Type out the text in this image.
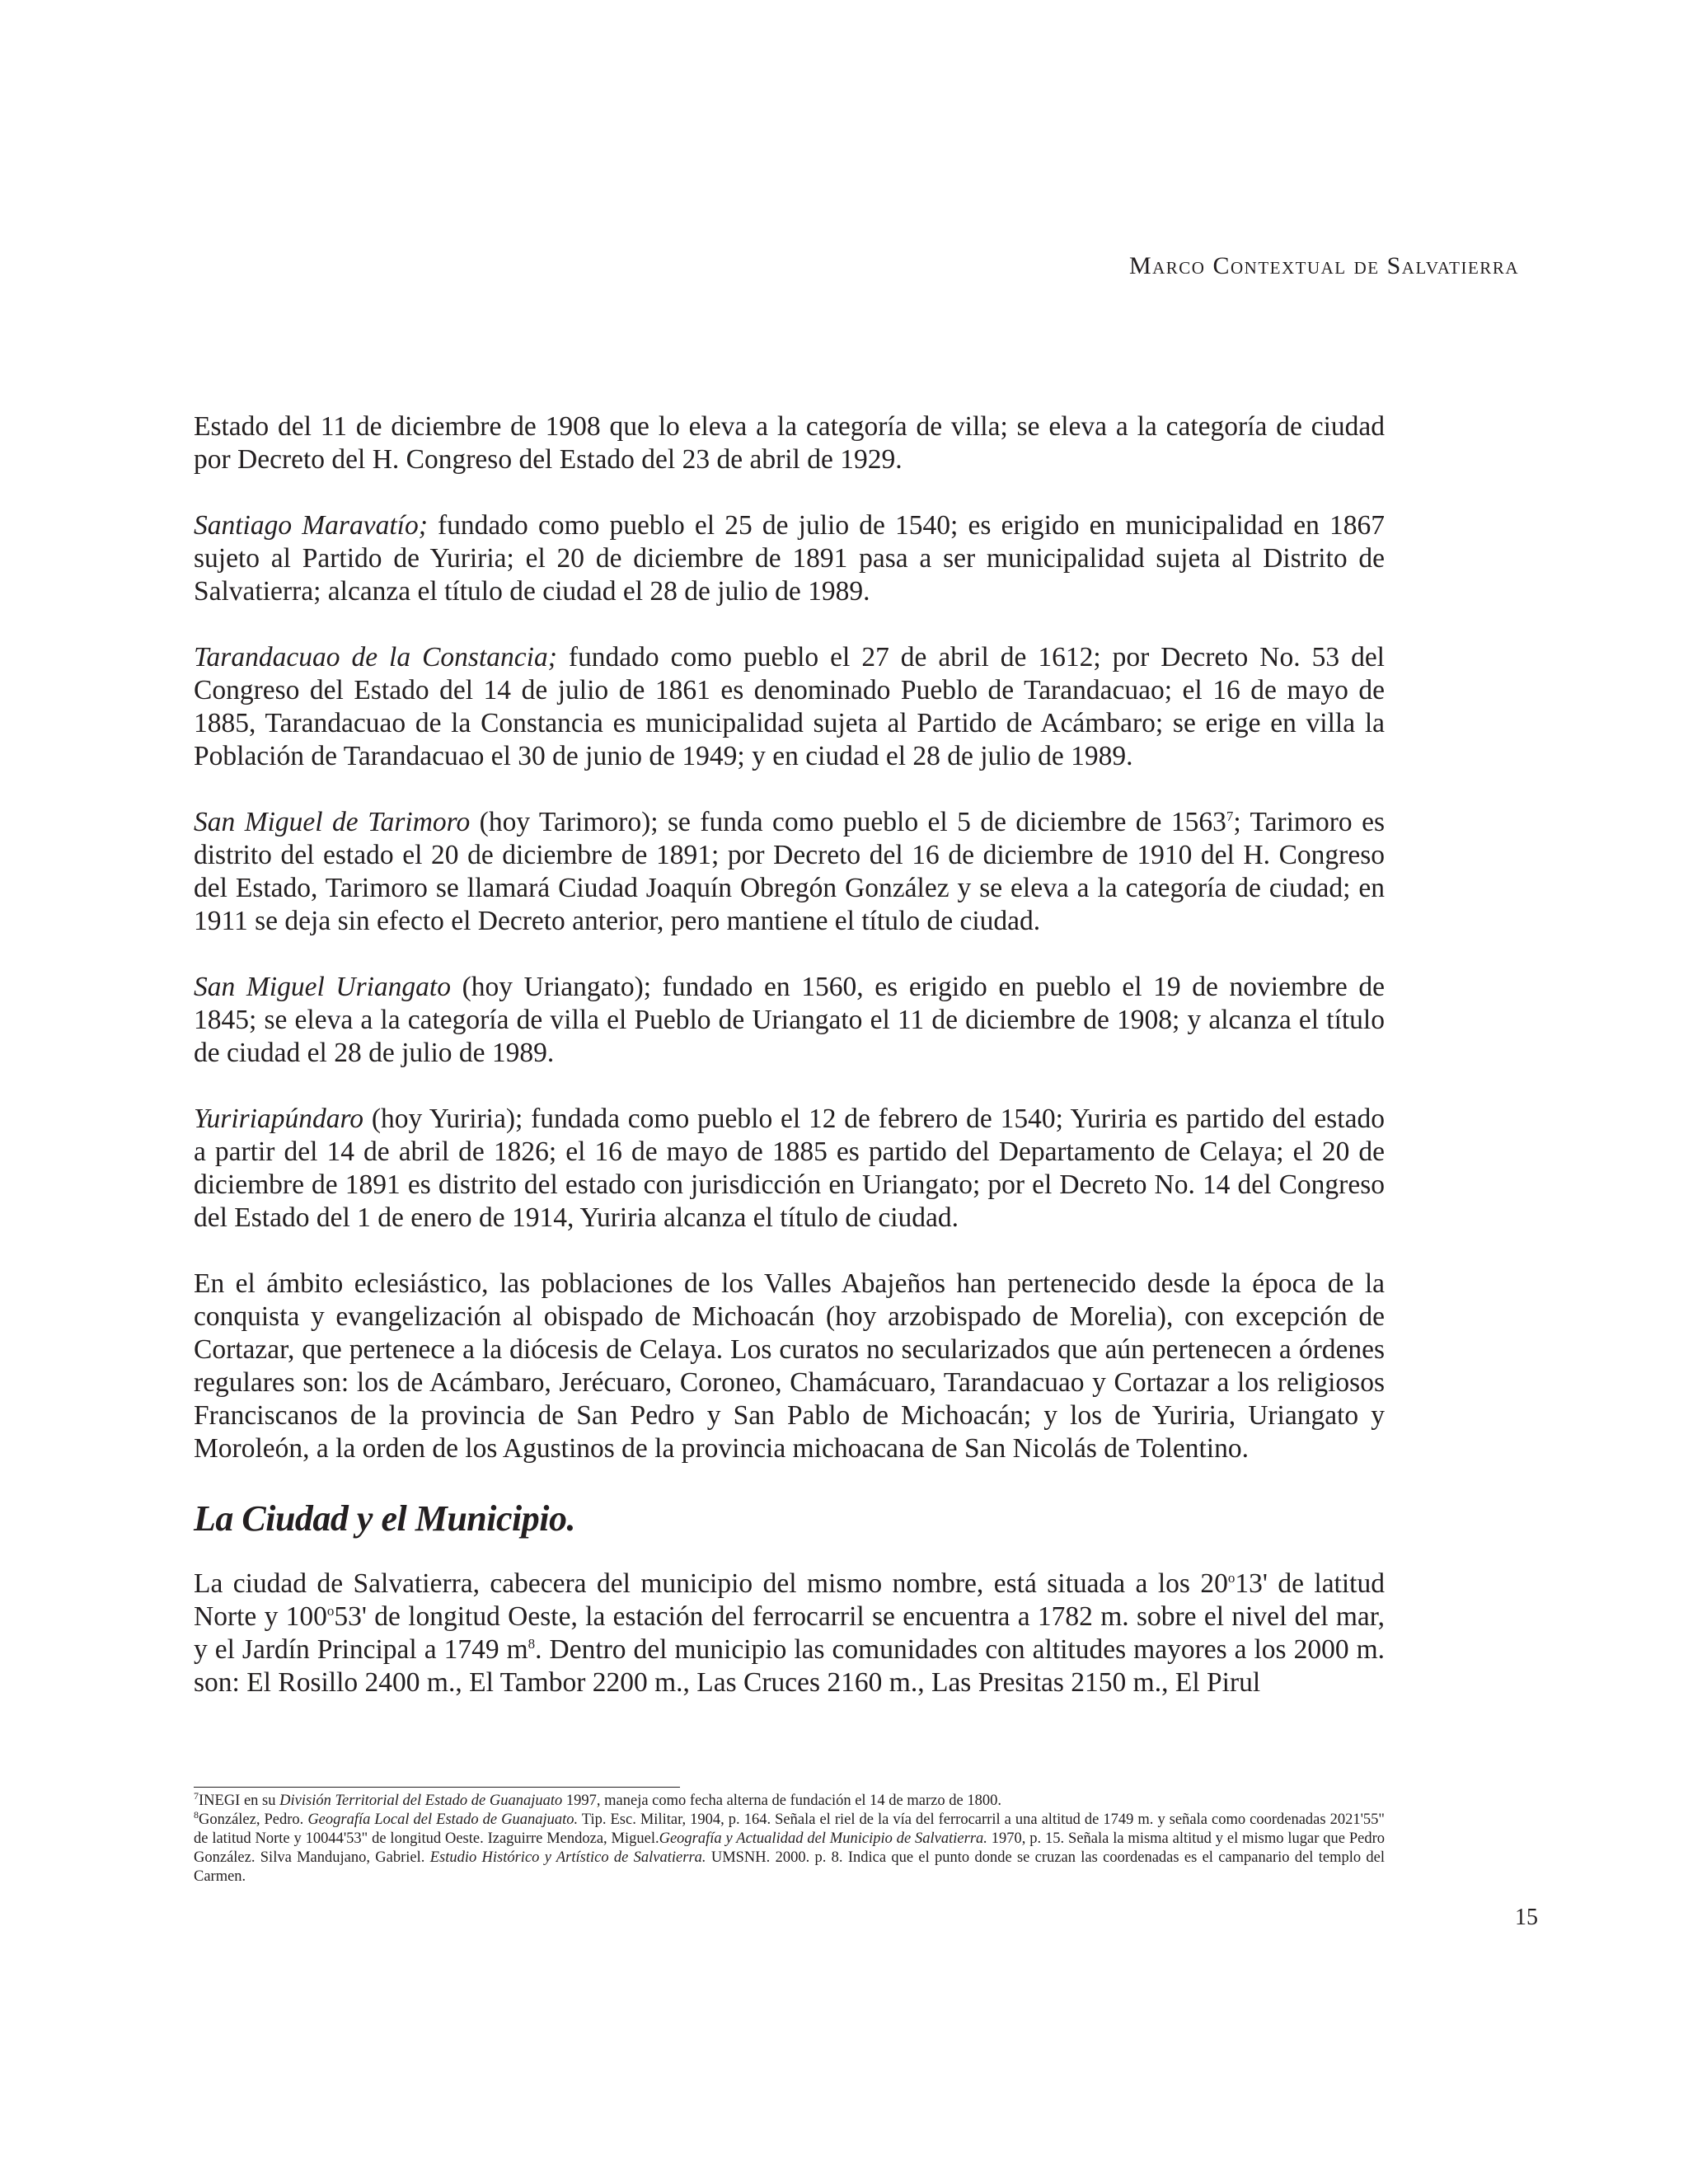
Marco Contextual de Salvatierra

Estado del 11 de diciembre de 1908 que lo eleva a la categoría de villa; se eleva a la categoría de ciudad por Decreto del H. Congreso del Estado del 23 de abril de 1929.

Santiago Maravatío; fundado como pueblo el 25 de julio de 1540; es erigido en municipalidad en 1867 sujeto al Partido de Yuriria; el 20 de diciembre de 1891 pasa a ser municipalidad sujeta al Distrito de Salvatierra; alcanza el título de ciudad el 28 de julio de 1989.

Tarandacuao de la Constancia; fundado como pueblo el 27 de abril de 1612; por Decreto No. 53 del Congreso del Estado del 14 de julio de 1861 es denominado Pueblo de Tarandacuao; el 16 de mayo de 1885, Tarandacuao de la Constancia es municipalidad sujeta al Partido de Acámbaro; se erige en villa la Población de Tarandacuao el 30 de junio de 1949; y en ciudad el 28 de julio de 1989.

San Miguel de Tarimoro (hoy Tarimoro); se funda como pueblo el 5 de diciembre de 1563$^7$; Tarimoro es distrito del estado el 20 de diciembre de 1891; por Decreto del 16 de diciembre de 1910 del H. Congreso del Estado, Tarimoro se llamará Ciudad Joaquín Obregón González y se eleva a la categoría de ciudad; en 1911 se deja sin efecto el Decreto anterior, pero mantiene el título de ciudad.

San Miguel Uriangato (hoy Uriangato); fundado en 1560, es erigido en pueblo el 19 de noviembre de 1845; se eleva a la categoría de villa el Pueblo de Uriangato el 11 de diciembre de 1908; y alcanza el título de ciudad el 28 de julio de 1989.

Yuririapúndaro (hoy Yuriria); fundada como pueblo el 12 de febrero de 1540; Yuriria es partido del estado a partir del 14 de abril de 1826; el 16 de mayo de 1885 es partido del Departamento de Celaya; el 20 de diciembre de 1891 es distrito del estado con jurisdicción en Uriangato; por el Decreto No. 14 del Congreso del Estado del 1 de enero de 1914, Yuriria alcanza el título de ciudad.

En el ámbito eclesiástico, las poblaciones de los Valles Abajeños han pertenecido desde la época de la conquista y evangelización al obispado de Michoacán (hoy arzobispado de Morelia), con excepción de Cortazar, que pertenece a la diócesis de Celaya. Los curatos no secularizados que aún pertenecen a órdenes regulares son: los de Acámbaro, Jerécuaro, Coroneo, Chamácuaro, Tarandacuao y Cortazar a los religiosos Franciscanos de la provincia de San Pedro y San Pablo de Michoacán; y los de Yuriria, Uriangato y Moroleón, a la orden de los Agustinos de la provincia michoacana de San Nicolás de Tolentino.

La Ciudad y el Municipio.

La ciudad de Salvatierra, cabecera del municipio del mismo nombre, está situada a los 20$^o$13' de latitud Norte y 100$^o$53' de longitud Oeste, la estación del ferrocarril se encuentra a 1782 m. sobre el nivel del mar, y el Jardín Principal a 1749 $m^8$. Dentro del municipio las comunidades con altitudes mayores a los 2000 m. son: El Rosillo 2400 m., El Tambor 2200 m., Las Cruces 2160 m., Las Presitas 2150 m., El Pirul

$^7$INEGI en su División Territorial del Estado de Guanajuato 1997, maneja como fecha alterna de fundación el 14 de marzo de 1800.

$^8$González, Pedro. Geografía Local del Estado de Guanajuato. Tip. Esc. Militar, 1904, p. 164. Señala el riel de la vía del ferrocarril a una altitud de 1749 m. y señala como coordenadas 2021'55" de latitud Norte y 10044'53" de longitud Oeste. Izaguirre Mendoza, Miguel.Geografía y Actualidad del Municipio de Salvatierra. 1970, p. 15. Señala la misma altitud y el mismo lugar que Pedro González. Silva Mandujano, Gabriel. Estudio Histórico y Artístico de Salvatierra. UMSNH. 2000. p. 8. Indica que el punto donde se cruzan las coordenadas es el campanario del templo del Carmen.

15
